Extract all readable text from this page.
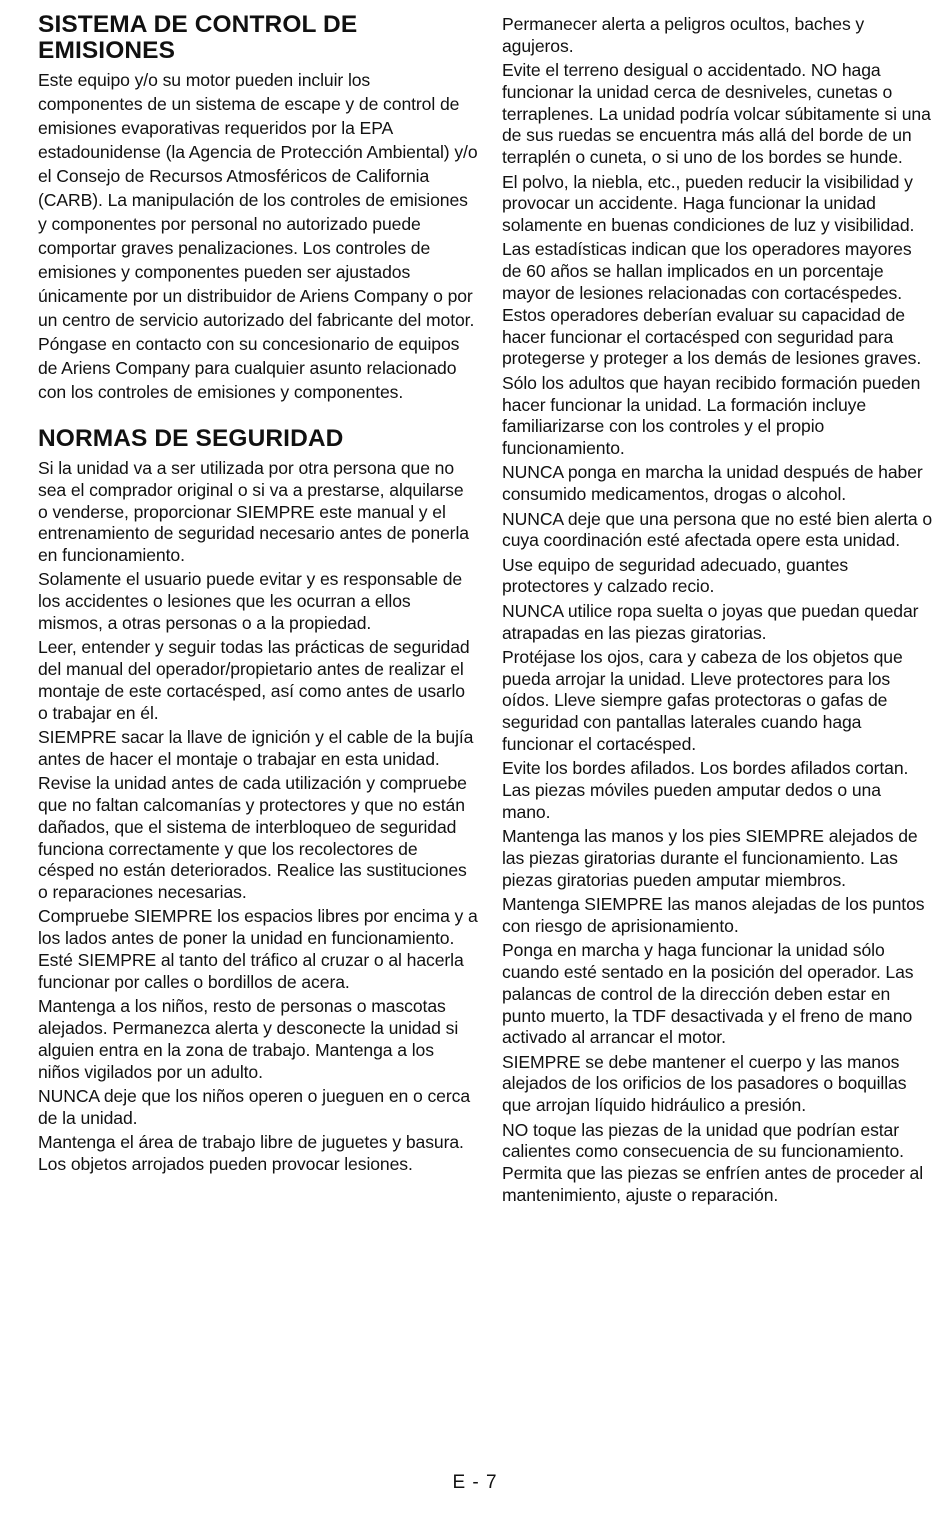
SISTEMA DE CONTROL DE EMISIONES

Este equipo y/o su motor pueden incluir los componentes de un sistema de escape y de control de emisiones evaporativas requeridos por la EPA estadounidense (la Agencia de Protección Ambiental) y/o el Consejo de Recursos Atmosféricos de California (CARB). La manipulación de los controles de emisiones y componentes por personal no autorizado puede comportar graves penalizaciones. Los controles de emisiones y componentes pueden ser ajustados únicamente por un distribuidor de Ariens Company o por un centro de servicio autorizado del fabricante del motor. Póngase en contacto con su concesionario de equipos de Ariens Company para cualquier asunto relacionado con los controles de emisiones y componentes.

NORMAS DE SEGURIDAD

Si la unidad va a ser utilizada por otra persona que no sea el comprador original o si va a prestarse, alquilarse o venderse, proporcionar SIEMPRE este manual y el entrenamiento de seguridad necesario antes de ponerla en funcionamiento.

Solamente el usuario puede evitar y es responsable de los accidentes o lesiones que les ocurran a ellos mismos, a otras personas o a la propiedad.

Leer, entender y seguir todas las prácticas de seguridad del manual del operador/propietario antes de realizar el montaje de este cortacésped, así como antes de usarlo o trabajar en él.

SIEMPRE sacar la llave de ignición y el cable de la bujía antes de hacer el montaje o trabajar en esta unidad.

Revise la unidad antes de cada utilización y compruebe que no faltan calcomanías y protectores y que no están dañados, que el sistema de interbloqueo de seguridad funciona correctamente y que los recolectores de césped no están deteriorados. Realice las sustituciones o reparaciones necesarias.

Compruebe SIEMPRE los espacios libres por encima y a los lados antes de poner la unidad en funcionamiento. Esté SIEMPRE al tanto del tráfico al cruzar o al hacerla funcionar por calles o bordillos de acera.

Mantenga a los niños, resto de personas o mascotas alejados. Permanezca alerta y desconecte la unidad si alguien entra en la zona de trabajo. Mantenga a los niños vigilados por un adulto.

NUNCA deje que los niños operen o jueguen en o cerca de la unidad.

Mantenga el área de trabajo libre de juguetes y basura. Los objetos arrojados pueden provocar lesiones.

Permanecer alerta a peligros ocultos, baches y agujeros.

Evite el terreno desigual o accidentado. NO haga funcionar la unidad cerca de desniveles, cunetas o terraplenes. La unidad podría volcar súbitamente si una de sus ruedas se encuentra más allá del borde de un terraplén o cuneta, o si uno de los bordes se hunde.

El polvo, la niebla, etc., pueden reducir la visibilidad y provocar un accidente. Haga funcionar la unidad solamente en buenas condiciones de luz y visibilidad.

Las estadísticas indican que los operadores mayores de 60 años se hallan implicados en un porcentaje mayor de lesiones relacionadas con cortacéspedes. Estos operadores deberían evaluar su capacidad de hacer funcionar el cortacésped con seguridad para protegerse y proteger a los demás de lesiones graves.

Sólo los adultos que hayan recibido formación pueden hacer funcionar la unidad. La formación incluye familiarizarse con los controles y el propio funcionamiento.

NUNCA ponga en marcha la unidad después de haber consumido medicamentos, drogas o alcohol.

NUNCA deje que una persona que no esté bien alerta o cuya coordinación esté afectada opere esta unidad.

Use equipo de seguridad adecuado, guantes protectores y calzado recio.

NUNCA utilice ropa suelta o joyas que puedan quedar atrapadas en las piezas giratorias.

Protéjase los ojos, cara y cabeza de los objetos que pueda arrojar la unidad. Lleve protectores para los oídos. Lleve siempre gafas protectoras o gafas de seguridad con pantallas laterales cuando haga funcionar el cortacésped.

Evite los bordes afilados. Los bordes afilados cortan. Las piezas móviles pueden amputar dedos o una mano.

Mantenga las manos y los pies SIEMPRE alejados de las piezas giratorias durante el funcionamiento. Las piezas giratorias pueden amputar miembros.

Mantenga SIEMPRE las manos alejadas de los puntos con riesgo de aprisionamiento.

Ponga en marcha y haga funcionar la unidad sólo cuando esté sentado en la posición del operador. Las palancas de control de la dirección deben estar en punto muerto, la TDF desactivada y el freno de mano activado al arrancar el motor.

SIEMPRE se debe mantener el cuerpo y las manos alejados de los orificios de los pasadores o boquillas que arrojan líquido hidráulico a presión.

NO toque las piezas de la unidad que podrían estar calientes como consecuencia de su funcionamiento. Permita que las piezas se enfríen antes de proceder al mantenimiento, ajuste o reparación.

E - 7
